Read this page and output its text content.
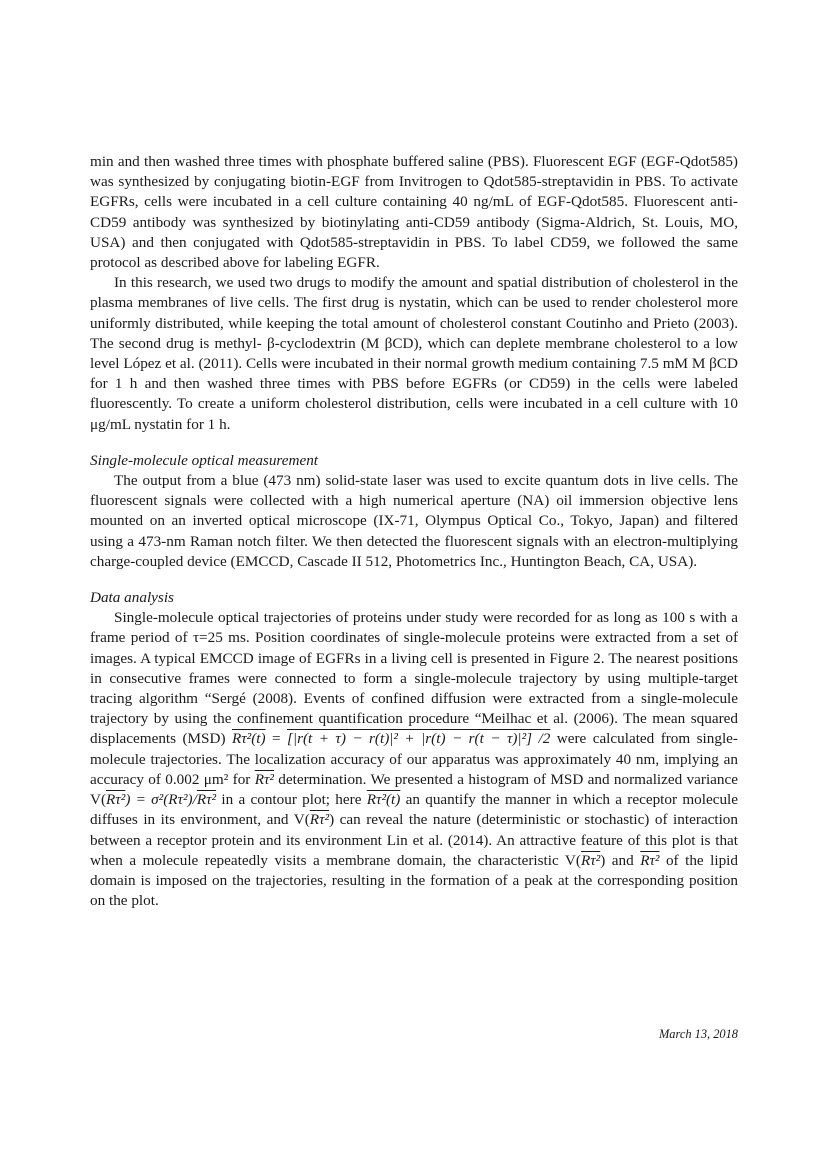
min and then washed three times with phosphate buffered saline (PBS). Fluorescent EGF (EGF-Qdot585) was synthesized by conjugating biotin-EGF from Invitrogen to Qdot585-streptavidin in PBS. To activate EGFRs, cells were incubated in a cell culture containing 40 ng/mL of EGF-Qdot585. Fluorescent anti-CD59 antibody was synthesized by biotinylating anti-CD59 antibody (Sigma-Aldrich, St. Louis, MO, USA) and then conjugated with Qdot585-streptavidin in PBS. To label CD59, we followed the same protocol as described above for labeling EGFR.

In this research, we used two drugs to modify the amount and spatial distribution of cholesterol in the plasma membranes of live cells. The first drug is nystatin, which can be used to render cholesterol more uniformly distributed, while keeping the total amount of cholesterol constant Coutinho and Prieto (2003). The second drug is methyl- β-cyclodextrin (M βCD), which can deplete membrane cholesterol to a low level López et al. (2011). Cells were incubated in their normal growth medium containing 7.5 mM M βCD for 1 h and then washed three times with PBS before EGFRs (or CD59) in the cells were labeled fluorescently. To create a uniform cholesterol distribution, cells were incubated in a cell culture with 10 μg/mL nystatin for 1 h.

Single-molecule optical measurement

The output from a blue (473 nm) solid-state laser was used to excite quantum dots in live cells. The fluorescent signals were collected with a high numerical aperture (NA) oil immersion objective lens mounted on an inverted optical microscope (IX-71, Olympus Optical Co., Tokyo, Japan) and filtered using a 473-nm Raman notch filter. We then detected the fluorescent signals with an electron-multiplying charge-coupled device (EMCCD, Cascade II 512, Photometrics Inc., Huntington Beach, CA, USA).

Data analysis

Single-molecule optical trajectories of proteins under study were recorded for as long as 100 s with a frame period of τ=25 ms. Position coordinates of single-molecule proteins were extracted from a set of images. A typical EMCCD image of EGFRs in a living cell is presented in Figure 2. The nearest positions in consecutive frames were connected to form a single-molecule trajectory by using multiple-target tracing algorithm “Sergé (2008). Events of confined diffusion were extracted from a single-molecule trajectory by using the confinement quantification procedure “Meilhac et al. (2006). The mean squared displacements (MSD) Rτ²(t) = [|r(t + τ) − r(t)|² + |r(t) − r(t − τ)|²] /2 were calculated from single-molecule trajectories. The localization accuracy of our apparatus was approximately 40 nm, implying an accuracy of 0.002 μm² for Rτ² determination. We presented a histogram of MSD and normalized variance V(Rτ²) = σ²(Rτ²)/Rτ² in a contour plot; here Rτ²(t) an quantify the manner in which a receptor molecule diffuses in its environment, and V(Rτ²) can reveal the nature (deterministic or stochastic) of interaction between a receptor protein and its environment Lin et al. (2014). An attractive feature of this plot is that when a molecule repeatedly visits a membrane domain, the characteristic V(Rτ²) and Rτ² of the lipid domain is imposed on the trajectories, resulting in the formation of a peak at the corresponding position on the plot.

March 13, 2018
